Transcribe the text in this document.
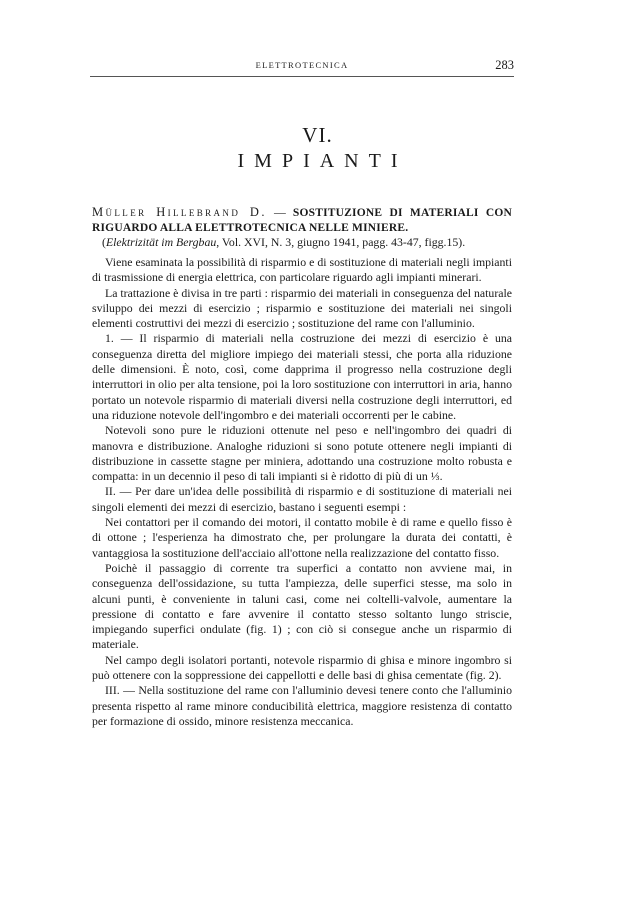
ELETTROTECNICA	283
VI.
IMPIANTI
Müller Hillebrand D. — SOSTITUZIONE DI MATERIALI CON RIGUARDO ALLA ELETTROTECNICA NELLE MINIERE.
(Elektrizität im Bergbau, Vol. XVI, N. 3, giugno 1941, pagg. 43-47, figg.15).

Viene esaminata la possibilità di risparmio e di sostituzione di materiali negli impianti di trasmissione di energia elettrica, con particolare riguardo agli impianti minerari.

La trattazione è divisa in tre parti : risparmio dei materiali in conseguenza del naturale sviluppo dei mezzi di esercizio ; risparmio e sostituzione dei materiali nei singoli elementi costruttivi dei mezzi di esercizio ; sostituzione del rame con l'alluminio.

1. — Il risparmio di materiali nella costruzione dei mezzi di esercizio è una conseguenza diretta del migliore impiego dei materiali stessi, che porta alla riduzione delle dimensioni. È noto, così, come dapprima il progresso nella costruzione degli interruttori in olio per alta tensione, poi la loro sostituzione con interruttori in aria, hanno portato un notevole risparmio di materiali diversi nella costruzione degli interruttori, ed una riduzione notevole dell'ingombro e dei materiali occorrenti per le cabine.

Notevoli sono pure le riduzioni ottenute nel peso e nell'ingombro dei quadri di manovra e distribuzione. Analoghe riduzioni si sono potute ottenere negli impianti di distribuzione in cassette stagne per miniera, adottando una costruzione molto robusta e compatta: in un decennio il peso di tali impianti si è ridotto di più di un ⅓.

II. — Per dare un'idea delle possibilità di risparmio e di sostituzione di materiali nei singoli elementi dei mezzi di esercizio, bastano i seguenti esempi :

Nei contattori per il comando dei motori, il contatto mobile è di rame e quello fisso è di ottone ; l'esperienza ha dimostrato che, per prolungare la durata dei contatti, è vantaggiosa la sostituzione dell'acciaio all'ottone nella realizzazione del contatto fisso.

Poichè il passaggio di corrente tra superfici a contatto non avviene mai, in conseguenza dell'ossidazione, su tutta l'ampiezza, delle superfici stesse, ma solo in alcuni punti, è conveniente in taluni casi, come nei coltelli-valvole, aumentare la pressione di contatto e fare avvenire il contatto stesso soltanto lungo striscie, impiegando superfici ondulate (fig. 1) ; con ciò si consegue anche un risparmio di materiale.

Nel campo degli isolatori portanti, notevole risparmio di ghisa e minore ingombro si può ottenere con la soppressione dei cappellotti e delle basi di ghisa cementate (fig. 2).

III. — Nella sostituzione del rame con l'alluminio devesi tenere conto che l'alluminio presenta rispetto al rame minore conducibilità elettrica, maggiore resistenza di contatto per formazione di ossido, minore resistenza meccanica.
